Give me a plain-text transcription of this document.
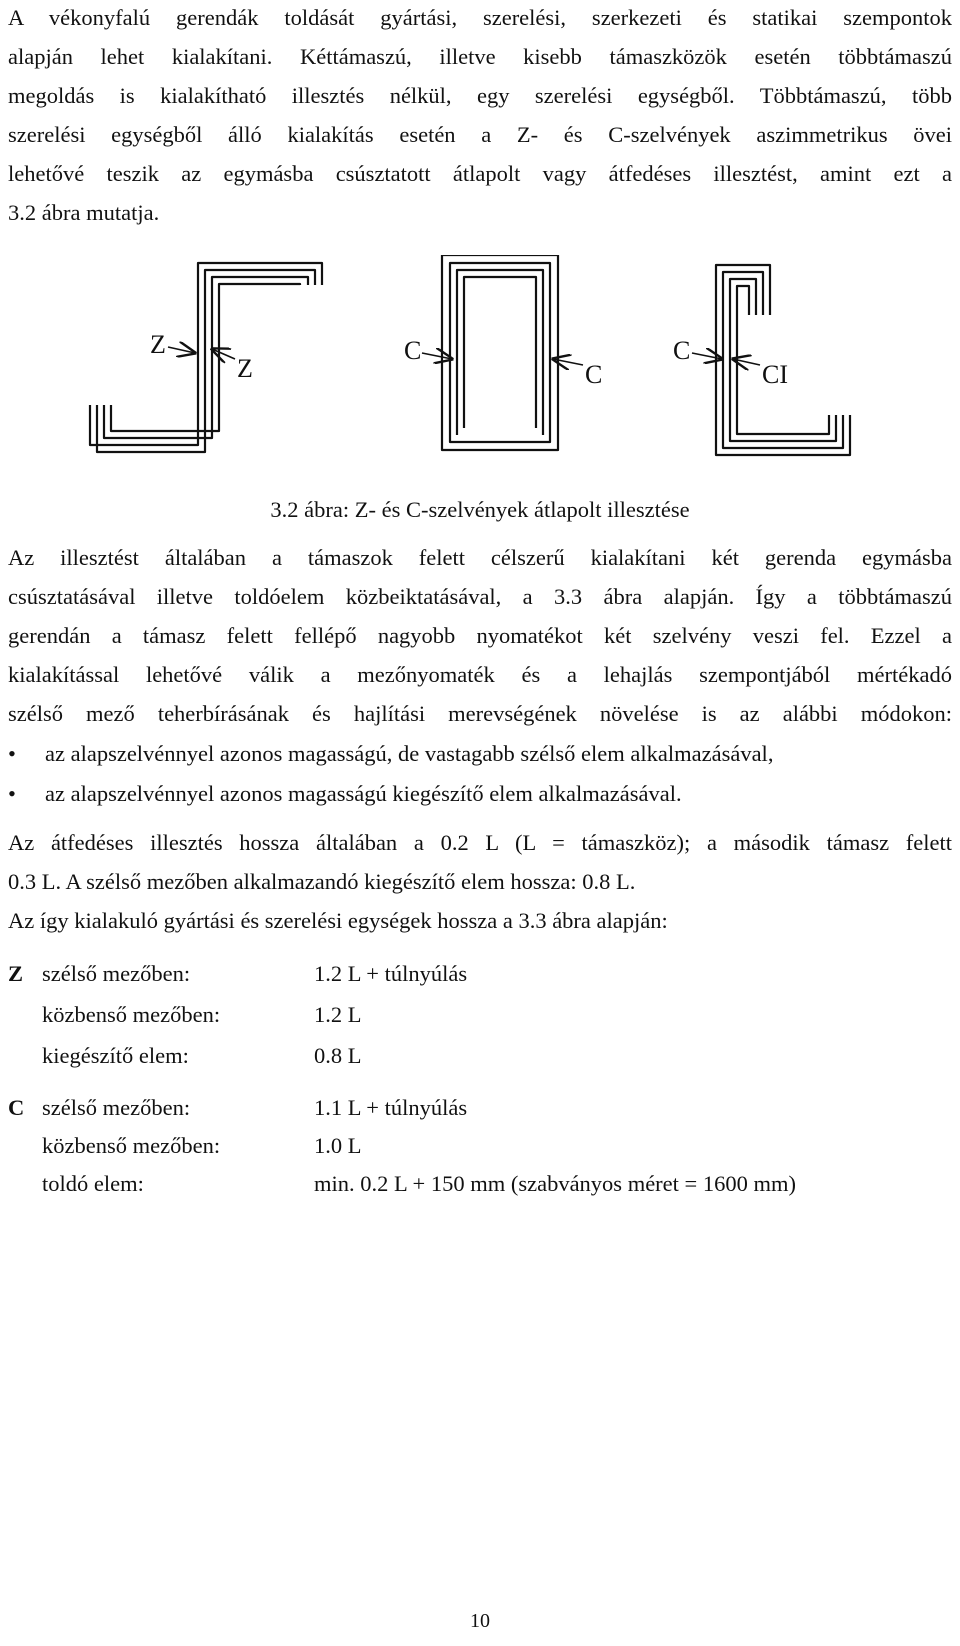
A vékonyfalú gerendák toldását gyártási, szerelési, szerkezeti és statikai szempontok
alapján lehet kialakítani. Kéttámaszú, illetve kisebb támaszközök esetén többtámaszú
megoldás is kialakítható illesztés nélkül, egy szerelési egységből. Többtámaszú, több
szerelési egységből álló kialakítás esetén a Z- és C-szelvények aszimmetrikus övei
lehetővé teszik az egymásba csúsztatott átlapolt vagy átfedéses illesztést, amint ezt a
3.2 ábra mutatja.
Z
Z
C
C
C
CI
3.2 ábra: Z- és C-szelvények átlapolt illesztése
Az illesztést általában a támaszok felett célszerű kialakítani két gerenda egymásba
csúsztatásával illetve toldóelem közbeiktatásával, a 3.3 ábra alapján. Így a többtámaszú
gerendán a támasz felett fellépő nagyobb nyomatékot két szelvény veszi fel. Ezzel a
kialakítással lehetővé válik a mezőnyomaték és a lehajlás szempontjából mértékadó
szélső mező teherbírásának és hajlítási merevségének növelése is az alábbi módokon:
• az alapszelvénnyel azonos magasságú, de vastagabb szélső elem alkalmazásával,
• az alapszelvénnyel azonos magasságú kiegészítő elem alkalmazásával.
Az átfedéses illesztés hossza általában a 0.2 L (L = támaszköz); a második támasz felett
0.3 L. A szélső mezőben alkalmazandó kiegészítő elem hossza: 0.8 L.
Az így kialakuló gyártási és szerelési egységek hossza a 3.3 ábra alapján:
Z szélső mezőben:	1.2 L + túlnyúlás
közbenső mezőben:	1.2 L
kiegészítő elem:	0.8 L
C szélső mezőben:	1.1 L + túlnyúlás
közbenső mezőben:	1.0 L
toldó elem:	min. 0.2 L + 150 mm (szabványos méret = 1600 mm)
10
